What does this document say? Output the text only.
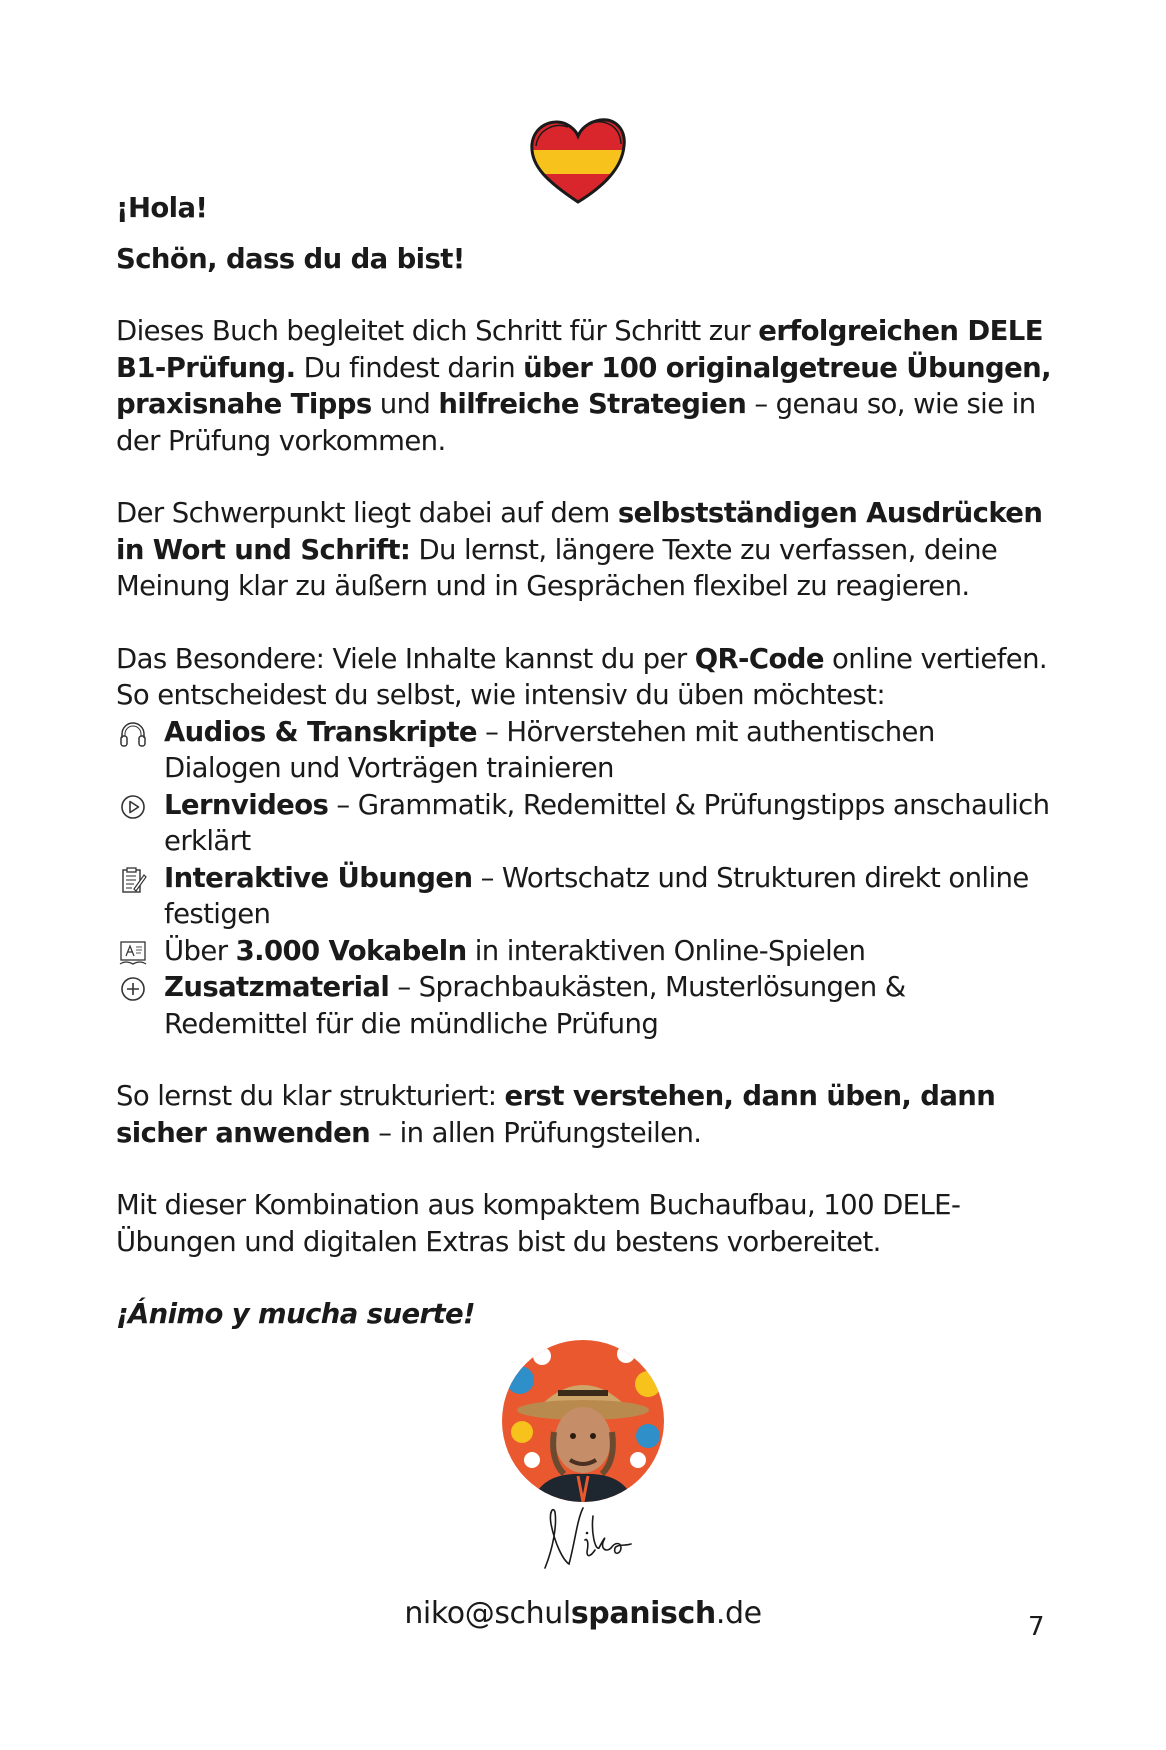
¡Hola!

Schön, dass du da bist!

Dieses Buch begleitet dich Schritt für Schritt zur erfolgreichen DELE B1-Prüfung. Du findest darin über 100 originalgetreue Übungen, praxisnahe Tipps und hilfreiche Strategien – genau so, wie sie in der Prüfung vorkommen.

Der Schwerpunkt liegt dabei auf dem selbstständigen Ausdrücken in Wort und Schrift: Du lernst, längere Texte zu verfassen, deine Meinung klar zu äußern und in Gesprächen flexibel zu reagieren.

Das Besondere: Viele Inhalte kannst du per QR-Code online vertiefen. So entscheidest du selbst, wie intensiv du üben möchtest:

Audios & Transkripte – Hörverstehen mit authentischen Dialogen und Vorträgen trainieren
Lernvideos – Grammatik, Redemittel & Prüfungstipps anschaulich erklärt
Interaktive Übungen – Wortschatz und Strukturen direkt online festigen
Über 3.000 Vokabeln in interaktiven Online-Spielen
Zusatzmaterial – Sprachbaukästen, Musterlösungen & Redemittel für die mündliche Prüfung

So lernst du klar strukturiert: erst verstehen, dann üben, dann sicher anwenden – in allen Prüfungsteilen.

Mit dieser Kombination aus kompaktem Buchaufbau, 100 DELE-Übungen und digitalen Extras bist du bestens vorbereitet.

¡Ánimo y mucha suerte!

niko@schulspanisch.de	7
